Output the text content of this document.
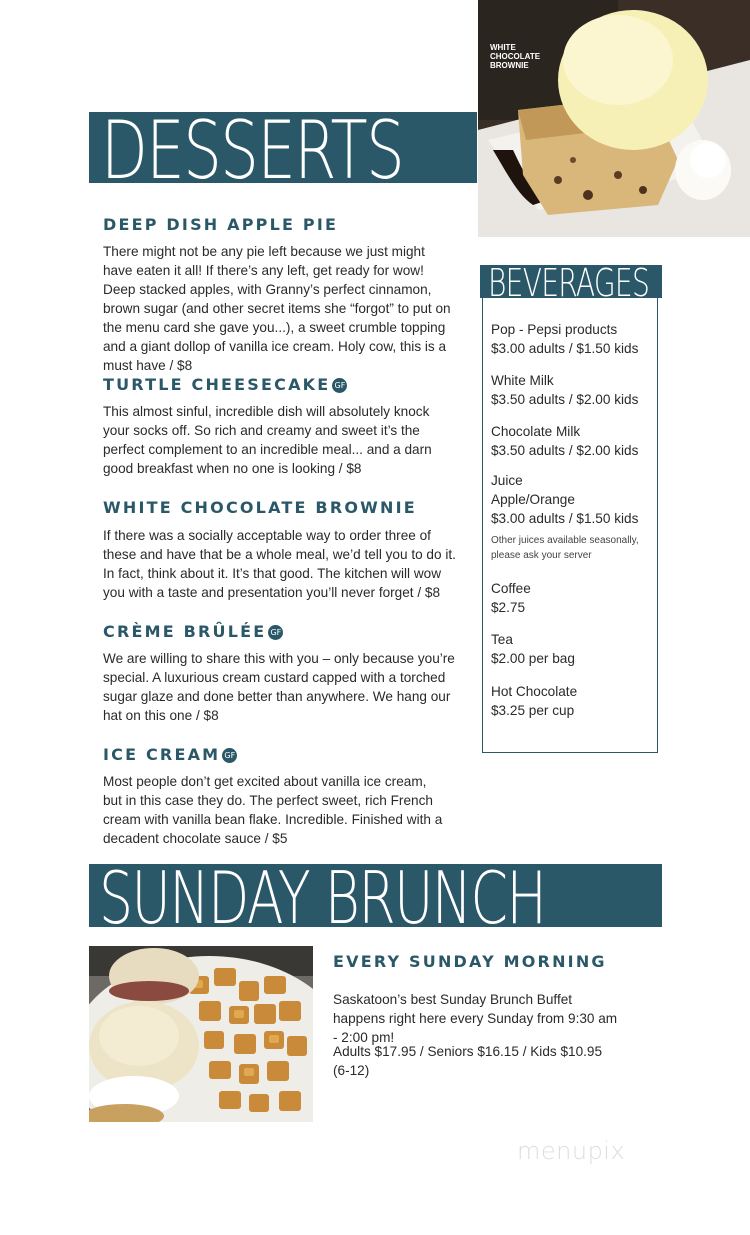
DESSERTS
WHITE
CHOCOLATE
BROWNIE
DEEP DISH APPLE PIE
There might not be any pie left because we just might have eaten it all! If there’s any left, get ready for wow! Deep stacked apples, with Granny’s perfect cinnamon, brown sugar (and other secret items she “forgot” to put on the menu card she gave you...), a sweet crumble topping and a giant dollop of vanilla ice cream. Holy cow, this is a must have / $8
TURTLE CHEESECAKE GF
This almost sinful, incredible dish will absolutely knock your socks off. So rich and creamy and sweet it’s the perfect complement to an incredible meal... and a darn good breakfast when no one is looking / $8
WHITE CHOCOLATE BROWNIE
If there was a socially acceptable way to order three of these and have that be a whole meal, we’d tell you to do it. In fact, think about it. It’s that good. The kitchen will wow you with a taste and presentation you’ll never forget / $8
CRÈME BRÛLÉE GF
We are willing to share this with you – only because you’re special. A luxurious cream custard capped with a torched sugar glaze and done better than anywhere. We hang our hat on this one / $8
ICE CREAM GF
Most people don’t get excited about vanilla ice cream, but in this case they do. The perfect sweet, rich French cream with vanilla bean flake. Incredible. Finished with a decadent chocolate sauce / $5
BEVERAGES
Pop - Pepsi products
$3.00 adults / $1.50 kids
White Milk
$3.50 adults / $2.00 kids
Chocolate Milk
$3.50 adults / $2.00 kids
Juice
Apple/Orange
$3.00 adults / $1.50 kids
Other juices available seasonally,
please ask your server
Coffee
$2.75
Tea
$2.00 per bag
Hot Chocolate
$3.25 per cup
SUNDAY BRUNCH
EVERY SUNDAY MORNING
Saskatoon’s best Sunday Brunch Buffet happens right here every Sunday from 9:30 am - 2:00 pm!
Adults $17.95 / Seniors $16.15 / Kids $10.95 (6-12)
menupix
